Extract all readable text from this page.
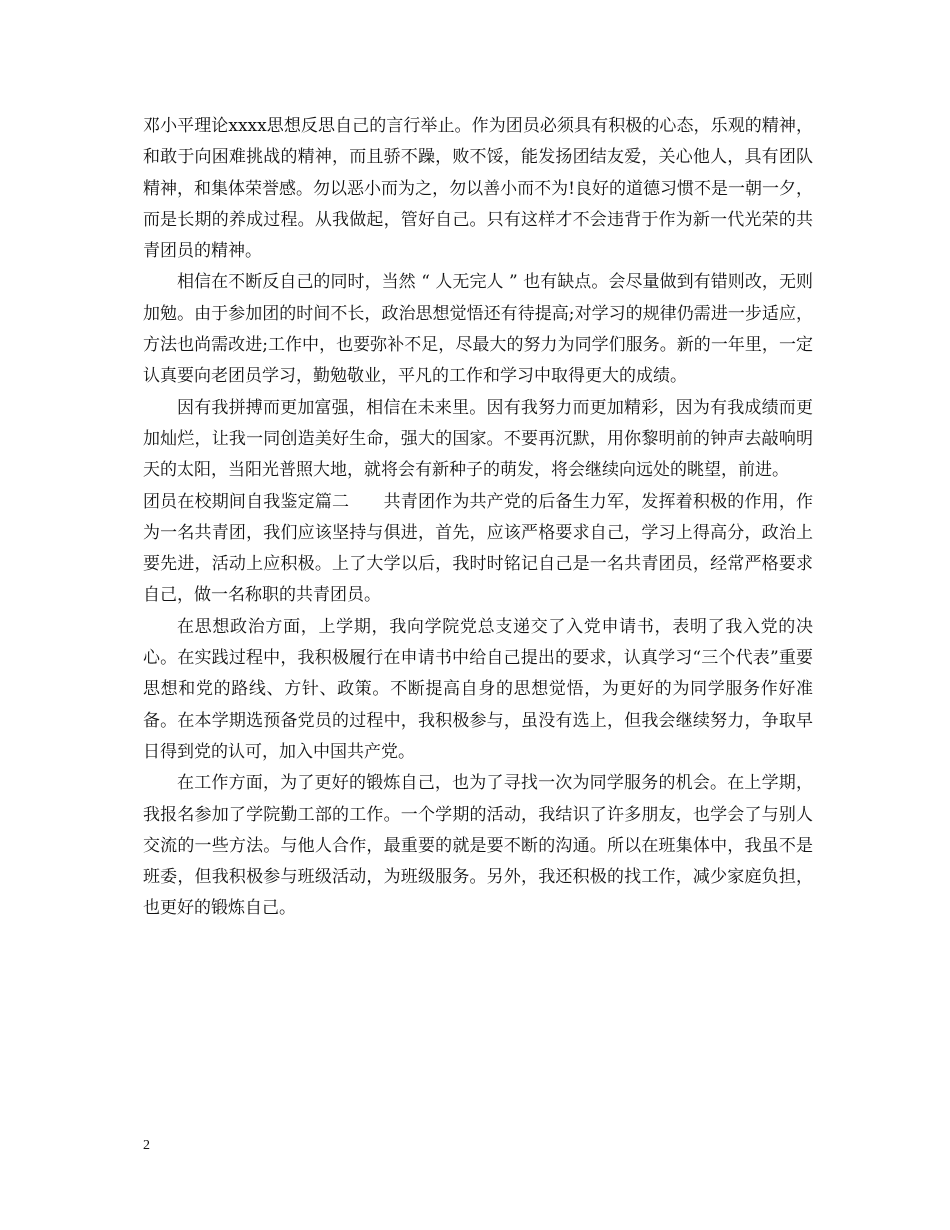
邓小平理论xxxx思想反思自己的言行举止。作为团员必须具有积极的心态，乐观的精神，和敢于向困难挑战的精神，而且骄不躁，败不馁，能发扬团结友爱，关心他人，具有团队精神，和集体荣誉感。勿以恶小而为之，勿以善小而不为!良好的道德习惯不是一朝一夕，而是长期的养成过程。从我做起，管好自己。只有这样才不会违背于作为新一代光荣的共青团员的精神。

相信在不断反自己的同时，当然 “ 人无完人 ” 也有缺点。会尽量做到有错则改，无则加勉。由于参加团的时间不长，政治思想觉悟还有待提高;对学习的规律仍需进一步适应，方法也尚需改进;工作中，也要弥补不足，尽最大的努力为同学们服务。新的一年里，一定认真要向老团员学习，勤勉敬业，平凡的工作和学习中取得更大的成绩。

因有我拼搏而更加富强，相信在未来里。因有我努力而更加精彩，因为有我成绩而更加灿烂，让我一同创造美好生命，强大的国家。不要再沉默，用你黎明前的钟声去敲响明天的太阳，当阳光普照大地，就将会有新种子的萌发，将会继续向远处的眺望，前进。

团员在校期间自我鉴定篇二　　共青团作为共产党的后备生力军，发挥着积极的作用，作为一名共青团，我们应该坚持与俱进，首先，应该严格要求自己，学习上得高分，政治上要先进，活动上应积极。上了大学以后，我时时铭记自己是一名共青团员，经常严格要求自己，做一名称职的共青团员。

在思想政治方面，上学期，我向学院党总支递交了入党申请书，表明了我入党的决心。在实践过程中，我积极履行在申请书中给自己提出的要求，认真学习“三个代表”重要思想和党的路线、方针、政策。不断提高自身的思想觉悟，为更好的为同学服务作好准备。在本学期选预备党员的过程中，我积极参与，虽没有选上，但我会继续努力，争取早日得到党的认可，加入中国共产党。

在工作方面，为了更好的锻炼自己，也为了寻找一次为同学服务的机会。在上学期，我报名参加了学院勤工部的工作。一个学期的活动，我结识了许多朋友，也学会了与别人交流的一些方法。与他人合作，最重要的就是要不断的沟通。所以在班集体中，我虽不是班委，但我积极参与班级活动，为班级服务。另外，我还积极的找工作，减少家庭负担，也更好的锻炼自己。

2
